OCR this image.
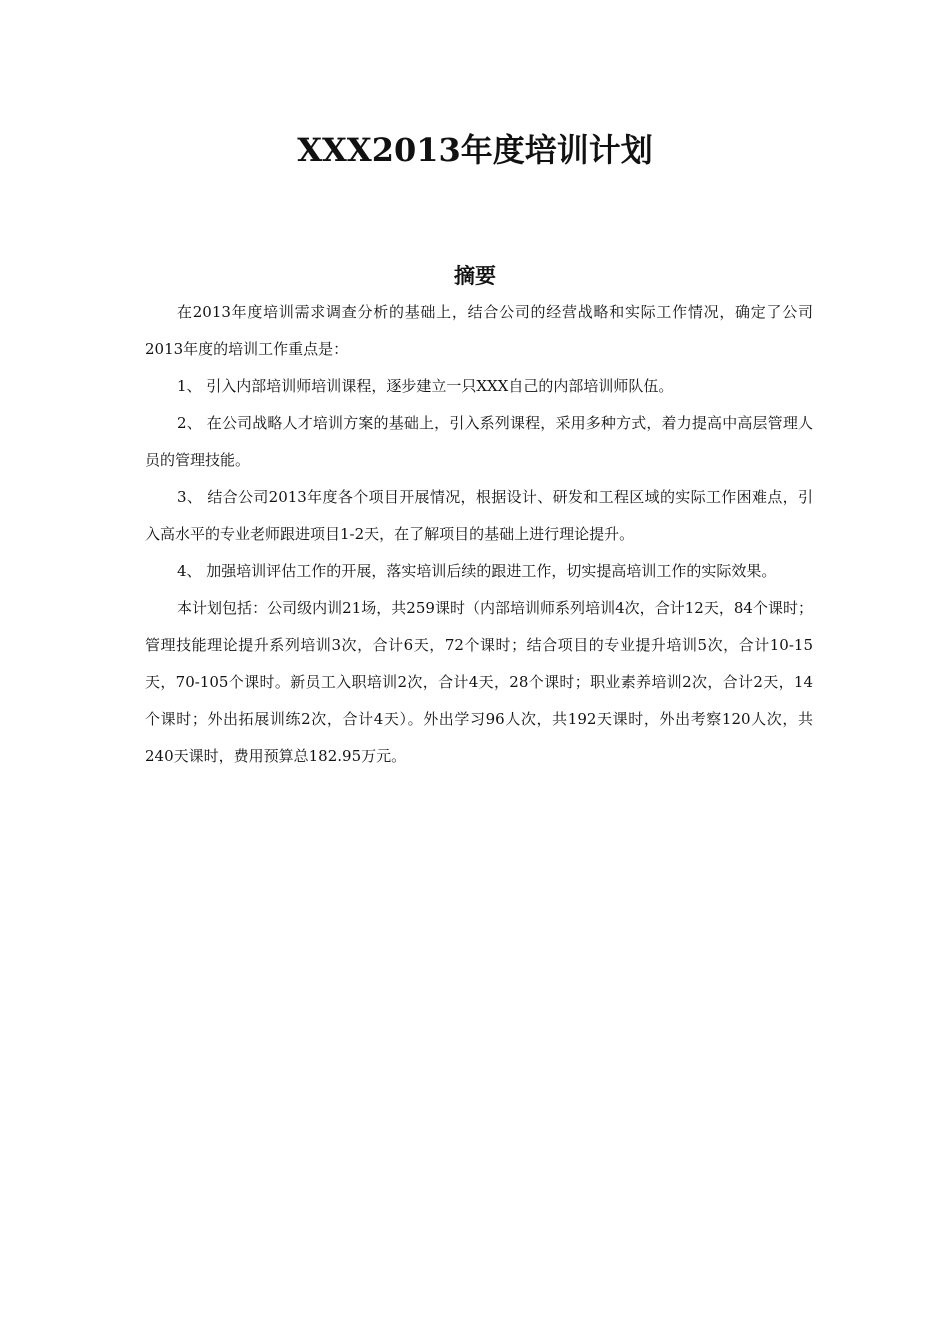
XXX2013年度培训计划
摘要

在2013年度培训需求调查分析的基础上，结合公司的经营战略和实际工作情况，确定了公司2013年度的培训工作重点是：

1、 引入内部培训师培训课程，逐步建立一只XXX自己的内部培训师队伍。

2、 在公司战略人才培训方案的基础上，引入系列课程，采用多种方式，着力提高中高层管理人员的管理技能。

3、 结合公司2013年度各个项目开展情况，根据设计、研发和工程区域的实际工作困难点，引入高水平的专业老师跟进项目1-2天，在了解项目的基础上进行理论提升。

4、 加强培训评估工作的开展，落实培训后续的跟进工作，切实提高培训工作的实际效果。

本计划包括：公司级内训21场，共259课时（内部培训师系列培训4次，合计12天，84个课时；管理技能理论提升系列培训3次，合计6天，72个课时；结合项目的专业提升培训5次，合计10-15天，70-105个课时。新员工入职培训2次，合计4天，28个课时；职业素养培训2次，合计2天，14个课时；外出拓展训练2次，合计4天）。外出学习96人次，共192天课时，外出考察120人次，共240天课时，费用预算总182.95万元。
